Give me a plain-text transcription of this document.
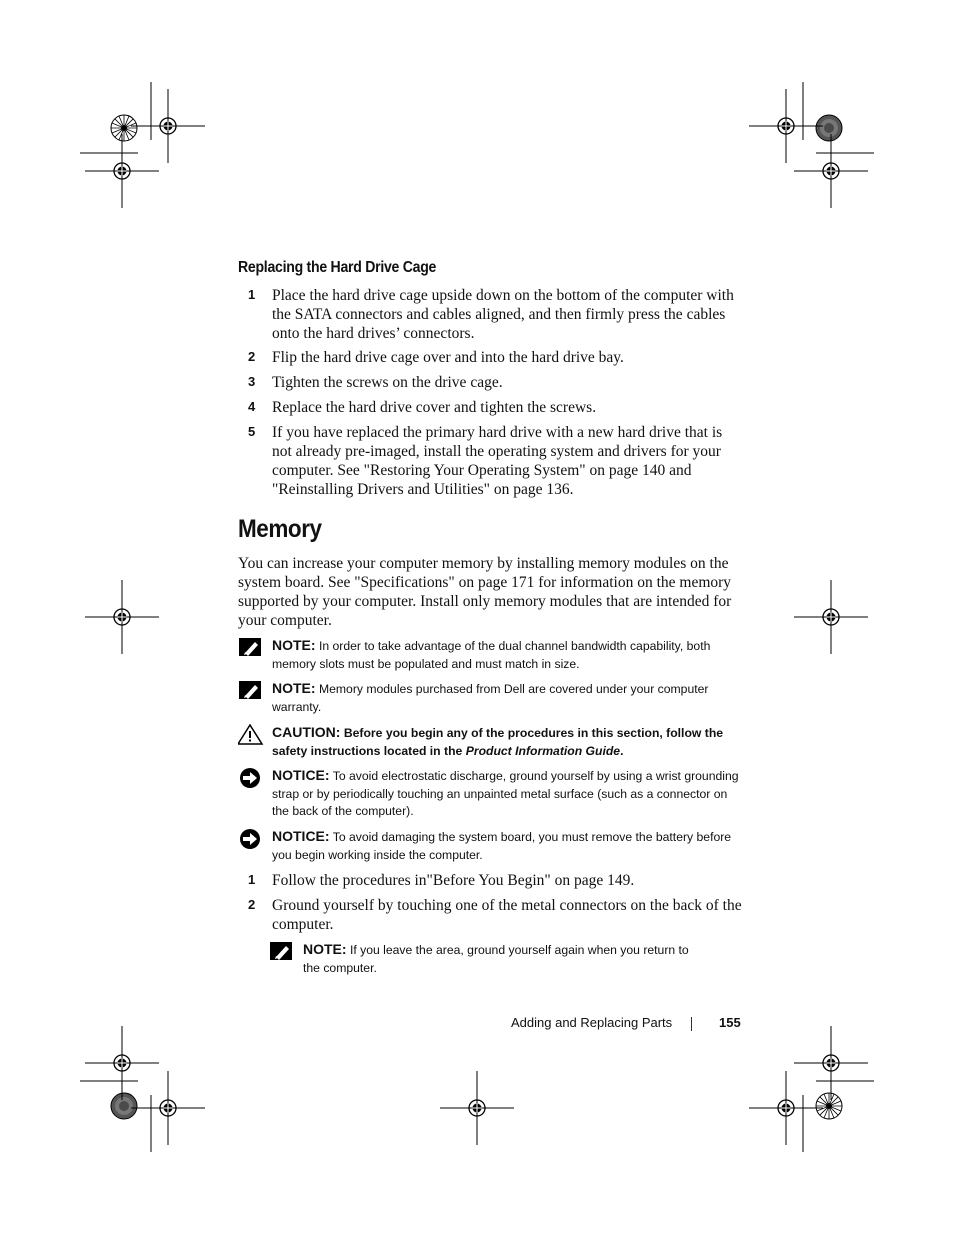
Replacing the Hard Drive Cage
1 Place the hard drive cage upside down on the bottom of the computer with the SATA connectors and cables aligned, and then firmly press the cables onto the hard drives’ connectors.
2 Flip the hard drive cage over and into the hard drive bay.
3 Tighten the screws on the drive cage.
4 Replace the hard drive cover and tighten the screws.
5 If you have replaced the primary hard drive with a new hard drive that is not already pre-imaged, install the operating system and drivers for your computer. See "Restoring Your Operating System" on page 140 and "Reinstalling Drivers and Utilities" on page 136.
Memory
You can increase your computer memory by installing memory modules on the system board. See "Specifications" on page 171 for information on the memory supported by your computer. Install only memory modules that are intended for your computer.
NOTE: In order to take advantage of the dual channel bandwidth capability, both memory slots must be populated and must match in size.
NOTE: Memory modules purchased from Dell are covered under your computer warranty.
CAUTION: Before you begin any of the procedures in this section, follow the safety instructions located in the Product Information Guide.
NOTICE: To avoid electrostatic discharge, ground yourself by using a wrist grounding strap or by periodically touching an unpainted metal surface (such as a connector on the back of the computer).
NOTICE: To avoid damaging the system board, you must remove the battery before you begin working inside the computer.
1 Follow the procedures in"Before You Begin" on page 149.
2 Ground yourself by touching one of the metal connectors on the back of the computer.
NOTE: If you leave the area, ground yourself again when you return to the computer.
Adding and Replacing Parts	155
